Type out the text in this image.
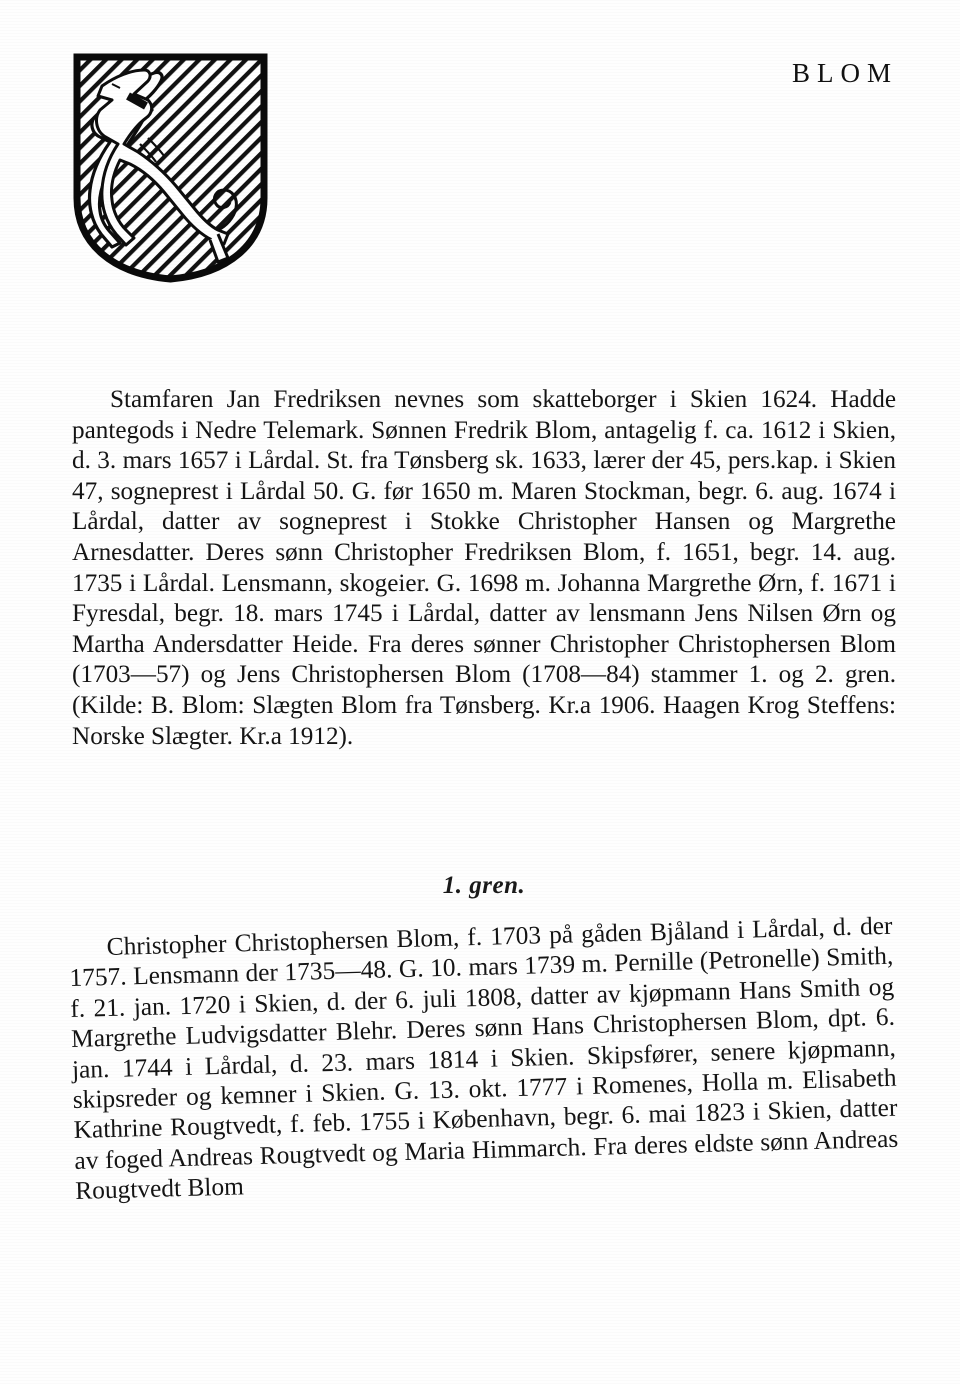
BLOM

Stamfaren Jan Fredriksen nevnes som skatteborger i Skien 1624. Hadde pantegods i Nedre Telemark. Sønnen Fredrik Blom, antagelig f. ca. 1612 i Skien, d. 3. mars 1657 i Lårdal. St. fra Tønsberg sk. 1633, lærer der 45, pers.kap. i Skien 47, sogneprest i Lårdal 50. G. før 1650 m. Maren Stockman, begr. 6. aug. 1674 i Lårdal, datter av sogneprest i Stokke Christopher Hansen og Margrethe Arnesdatter. Deres sønn Christopher Fredriksen Blom, f. 1651, begr. 14. aug. 1735 i Lårdal. Lensmann, skogeier. G. 1698 m. Johanna Margrethe Ørn, f. 1671 i Fyresdal, begr. 18. mars 1745 i Lårdal, datter av lensmann Jens Nilsen Ørn og Martha Andersdatter Heide. Fra deres sønner Christopher Christophersen Blom (1703—57) og Jens Christophersen Blom (1708—84) stammer 1. og 2. gren. (Kilde: B. Blom: Slægten Blom fra Tønsberg. Kr.a 1906. Haagen Krog Steffens: Norske Slægter. Kr.a 1912).

1. gren.

Christopher Christophersen Blom, f. 1703 på gåden Bjåland i Lårdal, d. der 1757. Lensmann der 1735—48. G. 10. mars 1739 m. Pernille (Petronelle) Smith, f. 21. jan. 1720 i Skien, d. der 6. juli 1808, datter av kjøpmann Hans Smith og Margrethe Ludvigsdatter Blehr. Deres sønn Hans Christophersen Blom, dpt. 6. jan. 1744 i Lårdal, d. 23. mars 1814 i Skien. Skipsfører, senere kjøpmann, skipsreder og kemner i Skien. G. 13. okt. 1777 i Romenes, Holla m. Elisabeth Kathrine Rougtvedt, f. feb. 1755 i København, begr. 6. mai 1823 i Skien, datter av foged Andreas Rougtvedt og Maria Himmarch. Fra deres eldste sønn Andreas Rougtvedt Blom
